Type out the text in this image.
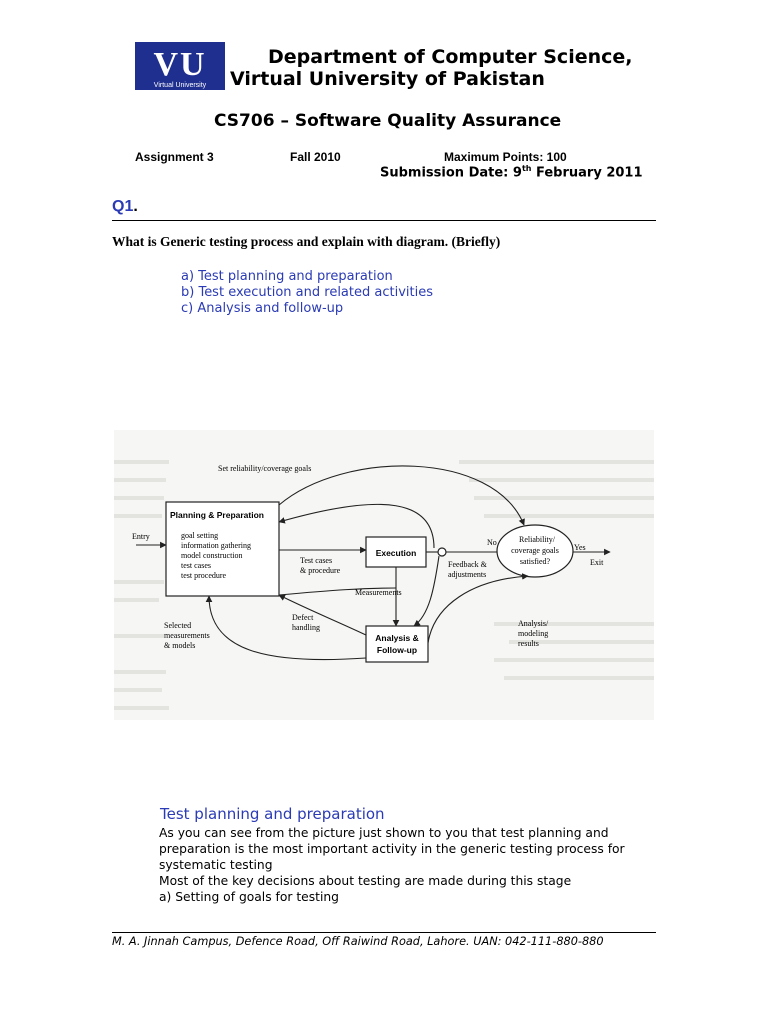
VU
Virtual University
Department of Computer Science,
Virtual University of Pakistan
CS706 – Software Quality Assurance
Assignment 3	Fall 2010	Maximum Points: 100
Submission Date: 9th February 2011
Q1.
What is Generic testing process and explain with diagram. (Briefly)
a) Test planning and preparation
b) Test execution and related activities
c) Analysis and follow-up
Planning & Preparation
goal setting
information gathering
model construction
test cases
test procedure
Execution
Analysis &
Follow-up
Reliability/
coverage goals
satisfied?
Set reliability/coverage goals
Entry
Test cases
& procedure
Measurements
No
Yes
Exit
Feedback &
adjustments
Defect
handling
Selected
measurements
& models
Analysis/
modeling
results
Test planning and preparation
As you can see from the picture just shown to you that test planning and
preparation is the most important activity in the generic testing process for
systematic testing
Most of the key decisions about testing are made during this stage
a) Setting of goals for testing
M. A. Jinnah Campus, Defence Road, Off Raiwind Road, Lahore. UAN: 042-111-880-880
